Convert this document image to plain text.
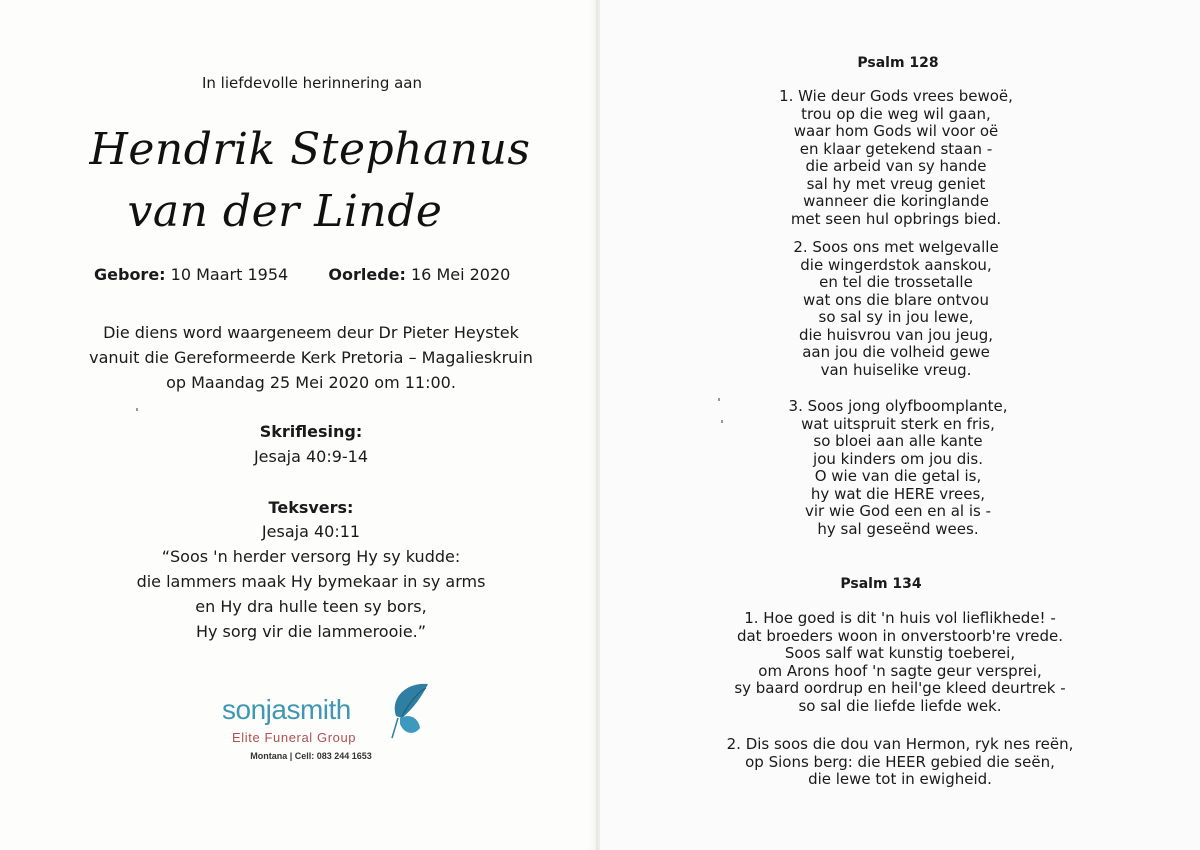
In liefdevolle herinnering aan
Hendrik Stephanus
van der Linde
Gebore: 10 Maart 1954	Oorlede: 16 Mei 2020
Die diens word waargeneem deur Dr Pieter Heystek
vanuit die Gereformeerde Kerk Pretoria – Magalieskruin
op Maandag 25 Mei 2020 om 11:00.
Skriflesing:
Jesaja 40:9-14
Teksvers:
Jesaja 40:11
“Soos 'n herder versorg Hy sy kudde:
die lammers maak Hy bymekaar in sy arms
en Hy dra hulle teen sy bors,
Hy sorg vir die lammerooie.”
sonjasmith
Elite Funeral Group
Montana | Cell: 083 244 1653
Psalm 128
1. Wie deur Gods vrees bewoë,
trou op die weg wil gaan,
waar hom Gods wil voor oë
en klaar getekend staan -
die arbeid van sy hande
sal hy met vreug geniet
wanneer die koringlande
met seen hul opbrings bied.
2. Soos ons met welgevalle
die wingerdstok aanskou,
en tel die trossetalle
wat ons die blare ontvou
so sal sy in jou lewe,
die huisvrou van jou jeug,
aan jou die volheid gewe
van huiselike vreug.
3. Soos jong olyfboomplante,
wat uitspruit sterk en fris,
so bloei aan alle kante
jou kinders om jou dis.
O wie van die getal is,
hy wat die HERE vrees,
vir wie God een en al is -
hy sal geseënd wees.
Psalm 134
1. Hoe goed is dit 'n huis vol lieflikhede! -
dat broeders woon in onverstoorb're vrede.
Soos salf wat kunstig toeberei,
om Arons hoof 'n sagte geur versprei,
sy baard oordrup en heil'ge kleed deurtrek -
so sal die liefde liefde wek.
2. Dis soos die dou van Hermon, ryk nes reën,
op Sions berg: die HEER gebied die seën,
die lewe tot in ewigheid.
